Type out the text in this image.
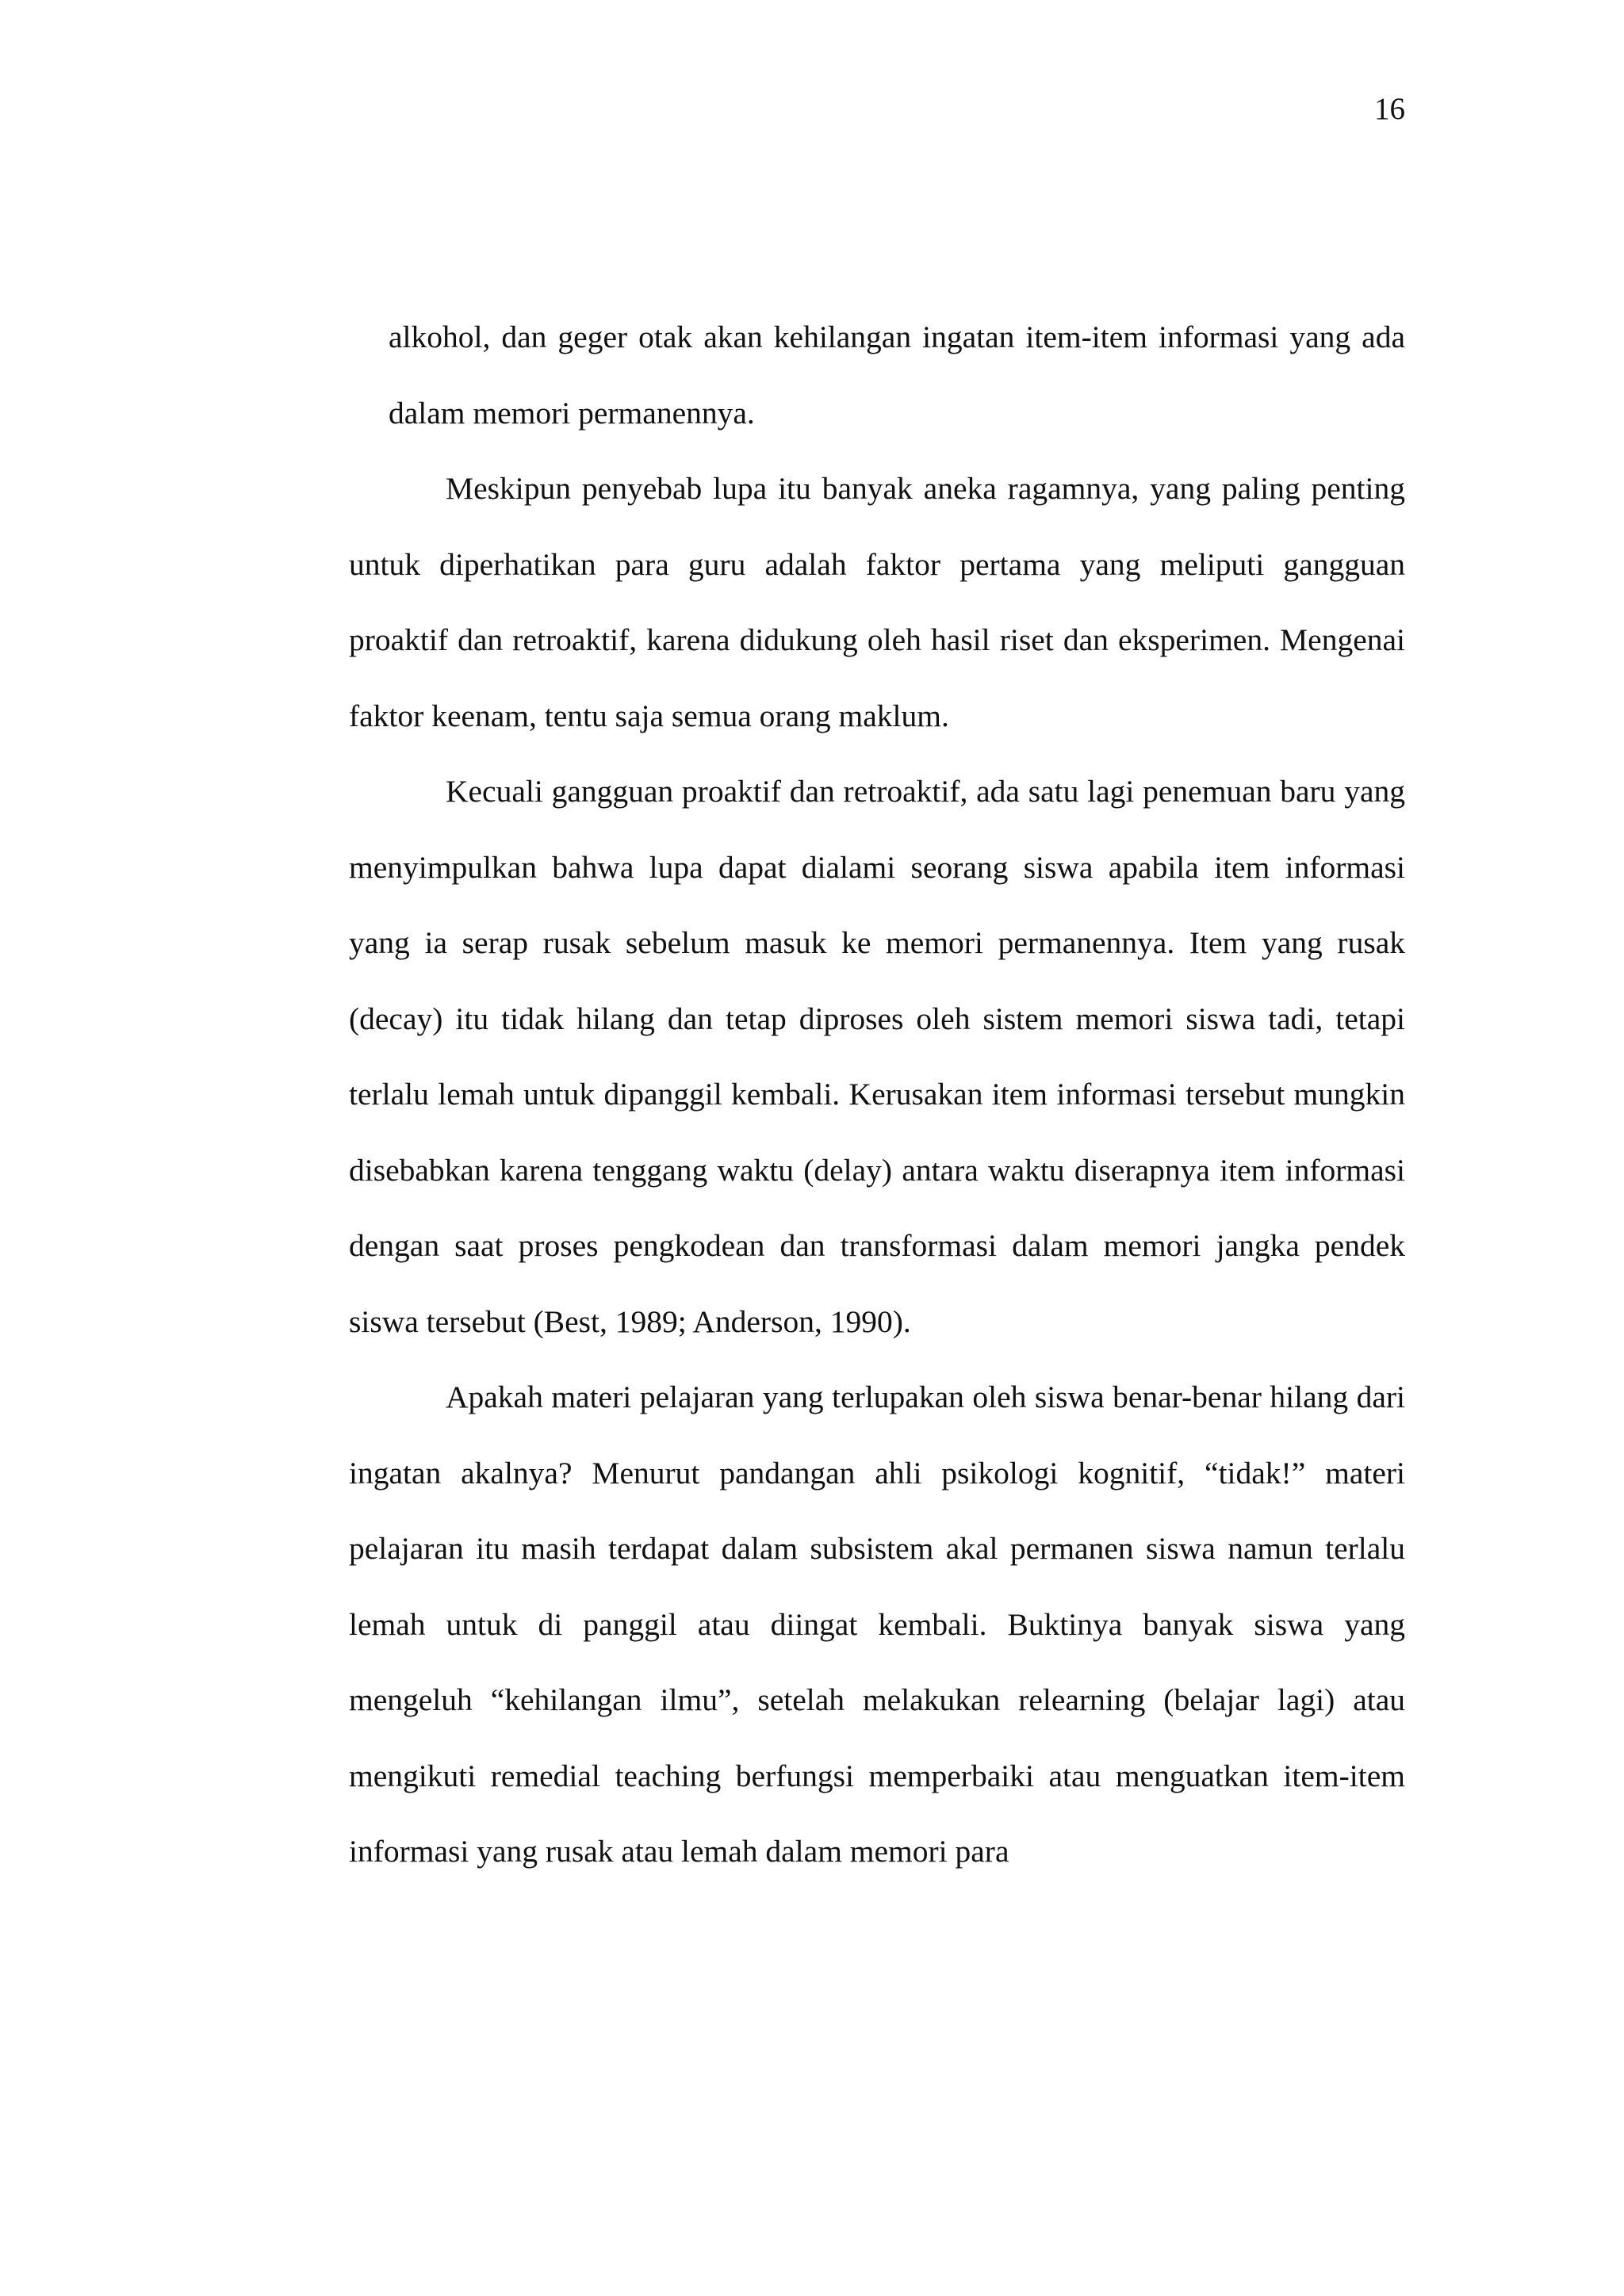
16

alkohol, dan geger otak akan kehilangan ingatan item-item informasi yang ada dalam memori permanennya.

Meskipun penyebab lupa itu banyak aneka ragamnya, yang paling penting untuk diperhatikan para guru adalah faktor pertama yang meliputi gangguan proaktif dan retroaktif, karena didukung oleh hasil riset dan eksperimen. Mengenai faktor keenam, tentu saja semua orang maklum.

Kecuali gangguan proaktif dan retroaktif, ada satu lagi penemuan baru yang menyimpulkan bahwa lupa dapat dialami seorang siswa apabila item informasi yang ia serap rusak sebelum masuk ke memori permanennya. Item yang rusak (decay) itu tidak hilang dan tetap diproses oleh sistem memori siswa tadi, tetapi terlalu lemah untuk dipanggil kembali. Kerusakan item informasi tersebut mungkin disebabkan karena tenggang waktu (delay) antara waktu diserapnya item informasi dengan saat proses pengkodean dan transformasi dalam memori jangka pendek siswa tersebut (Best, 1989; Anderson, 1990).

Apakah materi pelajaran yang terlupakan oleh siswa benar-benar hilang dari ingatan akalnya? Menurut pandangan ahli psikologi kognitif, “tidak!” materi pelajaran itu masih terdapat dalam subsistem akal permanen siswa namun terlalu lemah untuk di panggil atau diingat kembali. Buktinya banyak siswa yang mengeluh “kehilangan ilmu”, setelah melakukan relearning (belajar lagi) atau mengikuti remedial teaching berfungsi memperbaiki atau menguatkan item-item informasi yang rusak atau lemah dalam memori para
